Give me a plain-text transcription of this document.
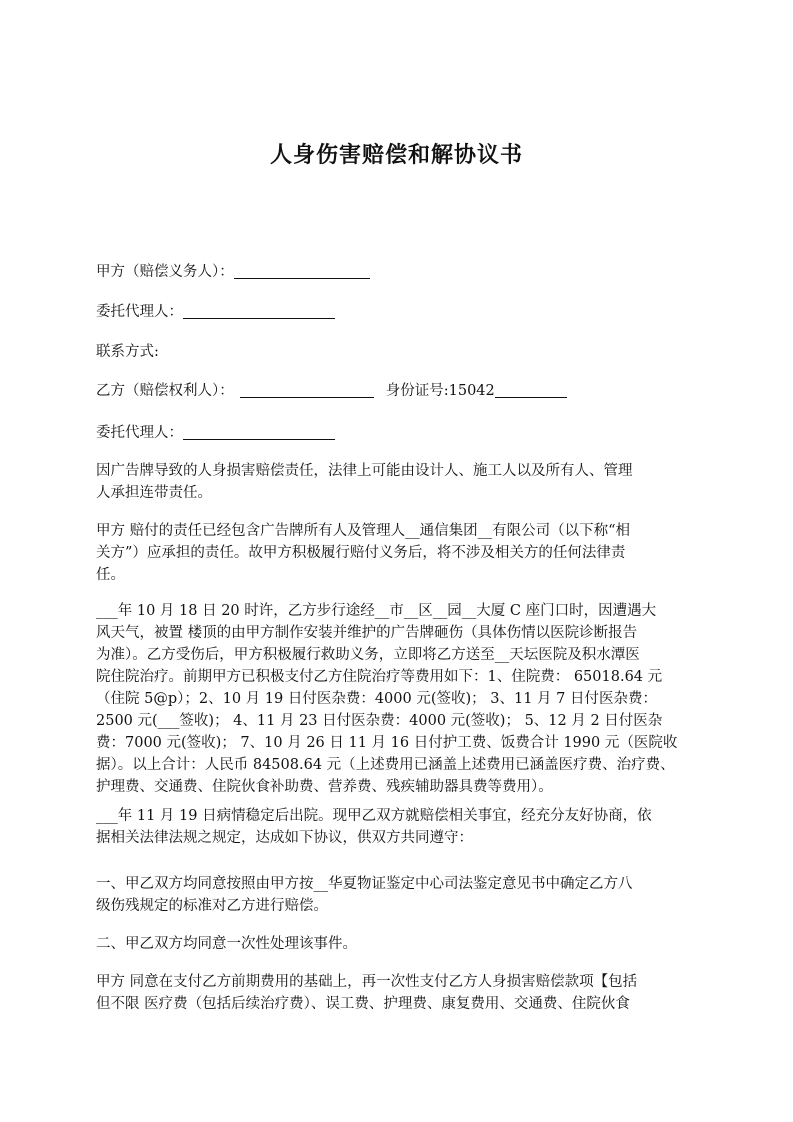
人身伤害赔偿和解协议书
甲方（赔偿义务人）：
委托代理人：
联系方式:
乙方（赔偿权利人）：	身份证号:15042
委托代理人：
因广告牌导致的人身损害赔偿责任，法律上可能由设计人、施工人以及所有人、管理
人承担连带责任。
甲方 赔付的责任已经包含广告牌所有人及管理人__通信集团__有限公司（以下称“相
关方”）应承担的责任。故甲方积极履行赔付义务后，将不涉及相关方的任何法律责
任。
___年 10 月 18 日 20 时许，乙方步行途经__市__区__园__大厦 C 座门口时，因遭遇大
风天气，被置 楼顶的由甲方制作安装并维护的广告牌砸伤（具体伤情以医院诊断报告
为准）。乙方受伤后，甲方积极履行救助义务，立即将乙方送至__天坛医院及积水潭医
院住院治疗。前期甲方已积极支付乙方住院治疗等费用如下：1、住院费： 65018.64 元
（住院 5@p）；2、10 月 19 日付医杂费：4000 元(签收)； 3、11 月 7 日付医杂费：
2500 元(___签收)； 4、11 月 23 日付医杂费：4000 元(签收)； 5、12 月 2 日付医杂
费：7000 元(签收)； 7、10 月 26 日 11 月 16 日付护工费、饭费合计 1990 元（医院收
据）。以上合计：人民币 84508.64 元（上述费用已涵盖上述费用已涵盖医疗费、治疗费、
护理费、交通费、住院伙食补助费、营养费、残疾辅助器具费等费用）。
___年 11 月 19 日病情稳定后出院。现甲乙双方就赔偿相关事宜，经充分友好协商，依
据相关法律法规之规定，达成如下协议，供双方共同遵守：
一、甲乙双方均同意按照由甲方按__华夏物证鉴定中心司法鉴定意见书中确定乙方八
级伤残规定的标准对乙方进行赔偿。
二、甲乙双方均同意一次性处理该事件。
甲方 同意在支付乙方前期费用的基础上，再一次性支付乙方人身损害赔偿款项【包括
但不限 医疗费（包括后续治疗费）、误工费、护理费、康复费用、交通费、住院伙食
